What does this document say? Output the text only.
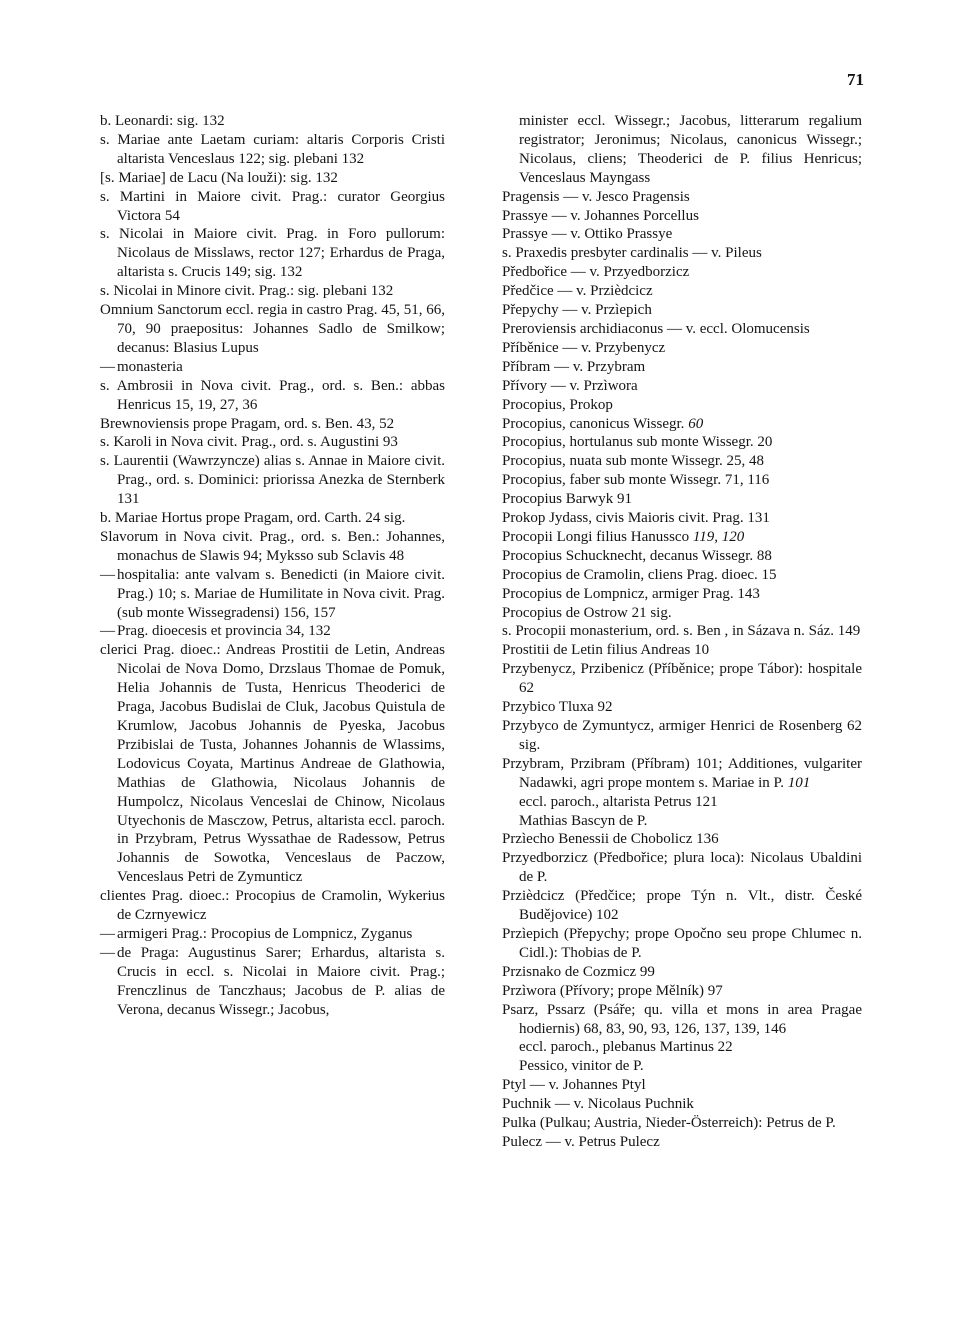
71
b. Leonardi: sig. 132
s. Mariae ante Laetam curiam: altaris Corporis Cristi altarista Venceslaus 122; sig. plebani 132
[s. Mariae] de Lacu (Na louži): sig. 132
s. Martini in Maiore civit. Prag.: curator Georgius Victora 54
s. Nicolai in Maiore civit. Prag. in Foro pullorum: Nicolaus de Misslaws, rector 127; Erhardus de Praga, altarista s. Crucis 149; sig. 132
s. Nicolai in Minore civit. Prag.: sig. plebani 132
Omnium Sanctorum eccl. regia in castro Prag. 45, 51, 66, 70, 90 praepositus: Johannes Sadlo de Smilkow; decanus: Blasius Lupus
— monasteria
s. Ambrosii in Nova civit. Prag., ord. s. Ben.: abbas Henricus 15, 19, 27, 36
Brewnoviensis prope Pragam, ord. s. Ben. 43, 52
s. Karoli in Nova civit. Prag., ord. s. Augustini 93
s. Laurentii (Wawrzyncze) alias s. Annae in Maiore civit. Prag., ord. s. Dominici: priorissa Anezka de Sternberk 131
b. Mariae Hortus prope Pragam, ord. Carth. 24 sig.
Slavorum in Nova civit. Prag., ord. s. Ben.: Johannes, monachus de Slawis 94; Myksso sub Sclavis 48
— hospitalia: ante valvam s. Benedicti (in Maiore civit. Prag.) 10; s. Mariae de Humilitate in Nova civit. Prag. (sub monte Wissegradensi) 156, 157
— Prag. dioecesis et provincia 34, 132
clerici Prag. dioec.: Andreas Prostitii de Letin, Andreas Nicolai de Nova Domo, Drzslaus Thomae de Pomuk, Helia Johannis de Tusta, Henricus Theoderici de Praga, Jacobus Budislai de Cluk, Jacobus Quistula de Krumlow, Jacobus Johannis de Pyeska, Jacobus Przibislai de Tusta, Johannes Johannis de Wlassims, Lodovicus Coyata, Martinus Andreae de Glathowia, Mathias de Glathowia, Nicolaus Johannis de Humpolcz, Nicolaus Venceslai de Chinow, Nicolaus Utyechonis de Masczow, Petrus, altarista eccl. paroch. in Przybram, Petrus Wyssathae de Radessow, Petrus Johannis de Sowotka, Venceslaus de Paczow, Venceslaus Petri de Zymunticz
clientes Prag. dioec.: Procopius de Cramolin, Wykerius de Czrnyewicz
— armigeri Prag.: Procopius de Lompnicz, Zyganus
— de Praga: Augustinus Sarer; Erhardus, altarista s. Crucis in eccl. s. Nicolai in Maiore civit. Prag.; Frenczlinus de Tanczhaus; Jacobus de P. alias de Verona, decanus Wissegr.; Jacobus,
minister eccl. Wissegr.; Jacobus, litterarum regalium registrator; Jeronimus; Nicolaus, canonicus Wissegr.; Nicolaus, cliens; Theoderici de P. filius Henricus; Venceslaus Mayngass
Pragensis — v. Jesco Pragensis
Prassye — v. Johannes Porcellus
Prassye — v. Ottiko Prassye
s. Praxedis presbyter cardinalis — v. Pileus
Předbořice — v. Przyedborzicz
Předčice — v. Przièdcicz
Přepychy — v. Przìepich
Preroviensis archidiaconus — v. eccl. Olomucensis
Příběnice — v. Przybenycz
Příbram — v. Przybram
Přívory — v. Przìwora
Procopius, Prokop
Procopius, canonicus Wissegr. 60
Procopius, hortulanus sub monte Wissegr. 20
Procopius, nuata sub monte Wissegr. 25, 48
Procopius, faber sub monte Wissegr. 71, 116
Procopius Barwyk 91
Prokop Jydass, civis Maioris civit. Prag. 131
Procopii Longi filius Hanussco 119, 120
Procopius Schucknecht, decanus Wissegr. 88
Procopius de Cramolin, cliens Prag. dioec. 15
Procopius de Lompnicz, armiger Prag. 143
Procopius de Ostrow 21 sig.
s. Procopii monasterium, ord. s. Ben , in Sázava n. Sáz. 149
Prostitii de Letin filius Andreas 10
Przybenycz, Przibenicz (Příběnice; prope Tábor): hospitale 62
Przybico Tluxa 92
Przybyco de Zymuntycz, armiger Henrici de Rosenberg 62 sig.
Przybram, Przibram (Příbram) 101; Additiones, vulgariter Nadawki, agri prope montem s. Mariae in P. 101
eccl. paroch., altarista Petrus 121
Mathias Bascyn de P.
Przìecho Benessii de Chobolicz 136
Przyedborzicz (Předbořice; plura loca): Nicolaus Ubaldini de P.
Przièdcicz (Předčice; prope Týn n. Vlt., distr. České Budějovice) 102
Przìepich (Přepychy; prope Opočno seu prope Chlumec n. Cidl.): Thobias de P.
Przisnako de Cozmicz 99
Przìwora (Přívory; prope Mělník) 97
Psarz, Pssarz (Psáře; qu. villa et mons in area Pragae hodiernis) 68, 83, 90, 93, 126, 137, 139, 146
eccl. paroch., plebanus Martinus 22
Pessico, vinitor de P.
Ptyl — v. Johannes Ptyl
Puchnik — v. Nicolaus Puchnik
Pulka (Pulkau; Austria, Nieder-Österreich): Petrus de P.
Pulecz — v. Petrus Pulecz
